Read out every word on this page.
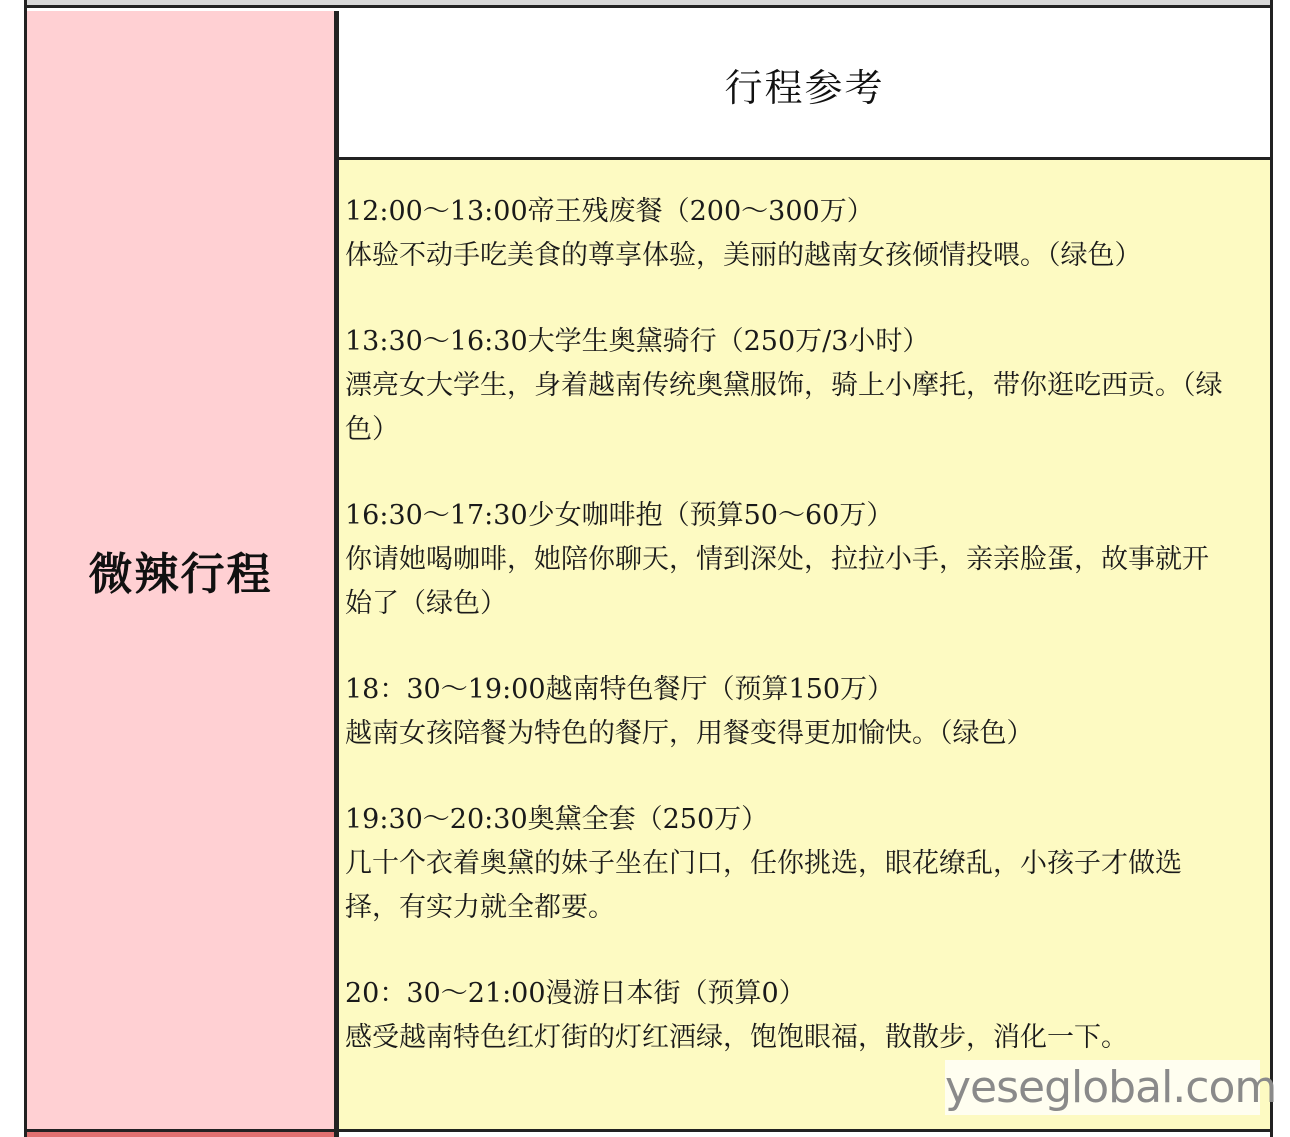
微辣行程
行程参考
12:00～13:00帝王残废餐（200～300万）
体验不动手吃美食的尊享体验，美丽的越南女孩倾情投喂。（绿色）
13:30～16:30大学生奥黛骑行（250万/3小时）
漂亮女大学生，身着越南传统奥黛服饰，骑上小摩托，带你逛吃西贡。（绿色）
16:30～17:30少女咖啡抱（预算50～60万）
你请她喝咖啡，她陪你聊天，情到深处，拉拉小手，亲亲脸蛋，故事就开始了（绿色）
18：30～19:00越南特色餐厅（预算150万）
越南女孩陪餐为特色的餐厅，用餐变得更加愉快。（绿色）
19:30～20:30奥黛全套（250万）
几十个衣着奥黛的妹子坐在门口，任你挑选，眼花缭乱，小孩子才做选择，有实力就全都要。
20：30～21:00漫游日本街（预算0）
感受越南特色红灯街的灯红酒绿，饱饱眼福，散散步，消化一下。
yeseglobal.com
